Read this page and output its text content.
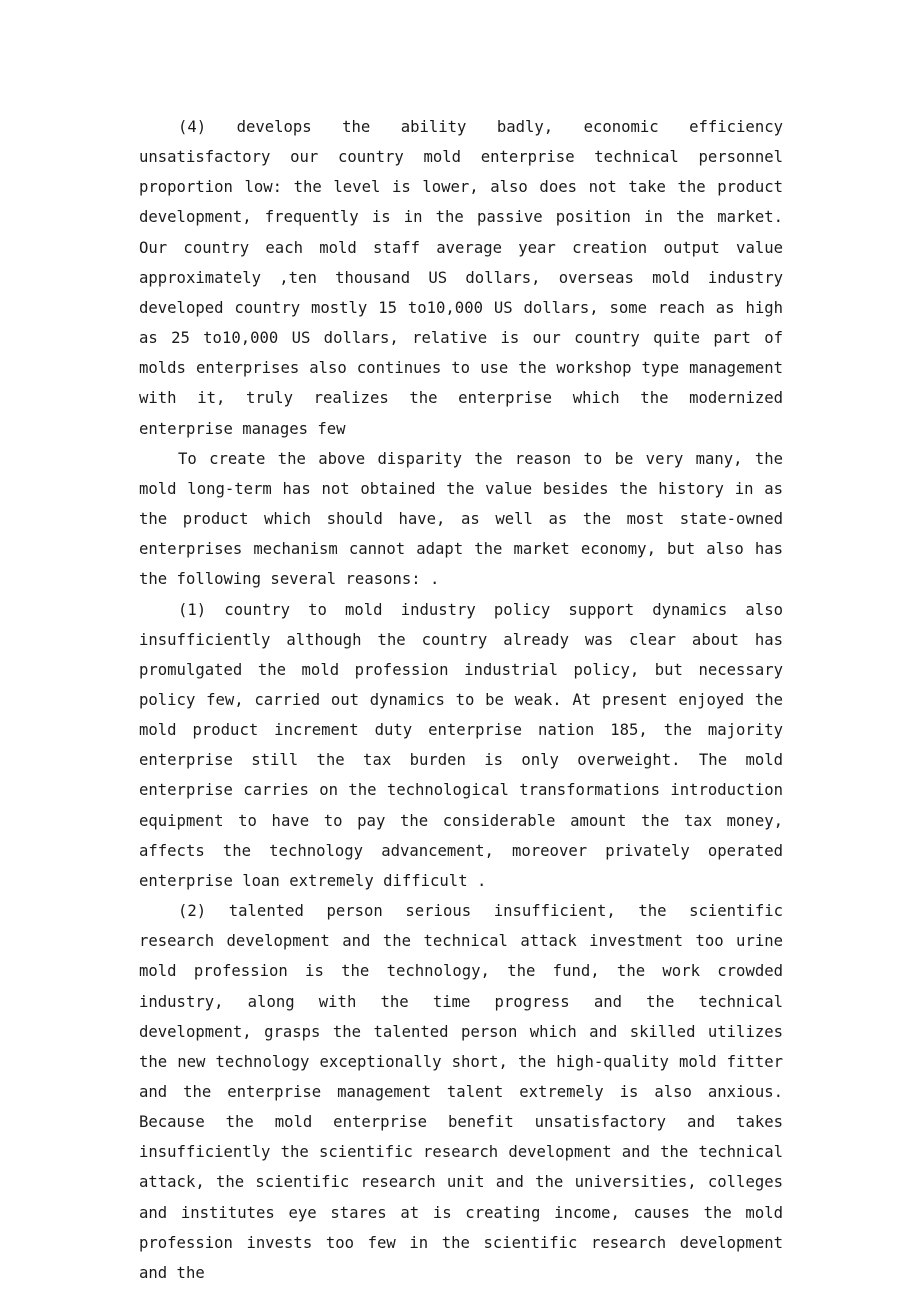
(4) develops the ability badly, economic efficiency unsatisfactory our country mold enterprise technical personnel proportion low: the level is lower, also does not take the product development, frequently is in the passive position in the market. Our country each mold staff average year creation output value approximately ,ten thousand US dollars, overseas mold industry developed country mostly 15 to10,000 US dollars, some reach as high as 25 to10,000 US dollars, relative is our country quite part of molds enterprises also continues to use the workshop type management with it, truly realizes the enterprise which the modernized enterprise manages few

To create the above disparity the reason to be very many, the mold long-term has not obtained the value besides the history in as the product which should have, as well as the most state-owned enterprises mechanism cannot adapt the market economy, but also has the following several reasons: .

(1) country to mold industry policy support dynamics also insufficiently although the country already was clear about has promulgated the mold profession industrial policy, but necessary policy few, carried out dynamics to be weak. At present enjoyed the mold product increment duty enterprise nation 185, the majority enterprise still the tax burden is only overweight. The mold enterprise carries on the technological transformations introduction equipment to have to pay the considerable amount the tax money, affects the technology advancement, moreover privately operated enterprise loan extremely difficult .

(2) talented person serious insufficient, the scientific research development and the technical attack investment too urine mold profession is the technology, the fund, the work crowded industry, along with the time progress and the technical development, grasps the talented person which and skilled utilizes the new technology exceptionally short, the high-quality mold fitter and the enterprise management talent extremely is also anxious. Because the mold enterprise benefit unsatisfactory and takes insufficiently the scientific research development and the technical attack, the scientific research unit and the universities, colleges and institutes eye stares at is creating income, causes the mold profession invests too few in the scientific research development and the
